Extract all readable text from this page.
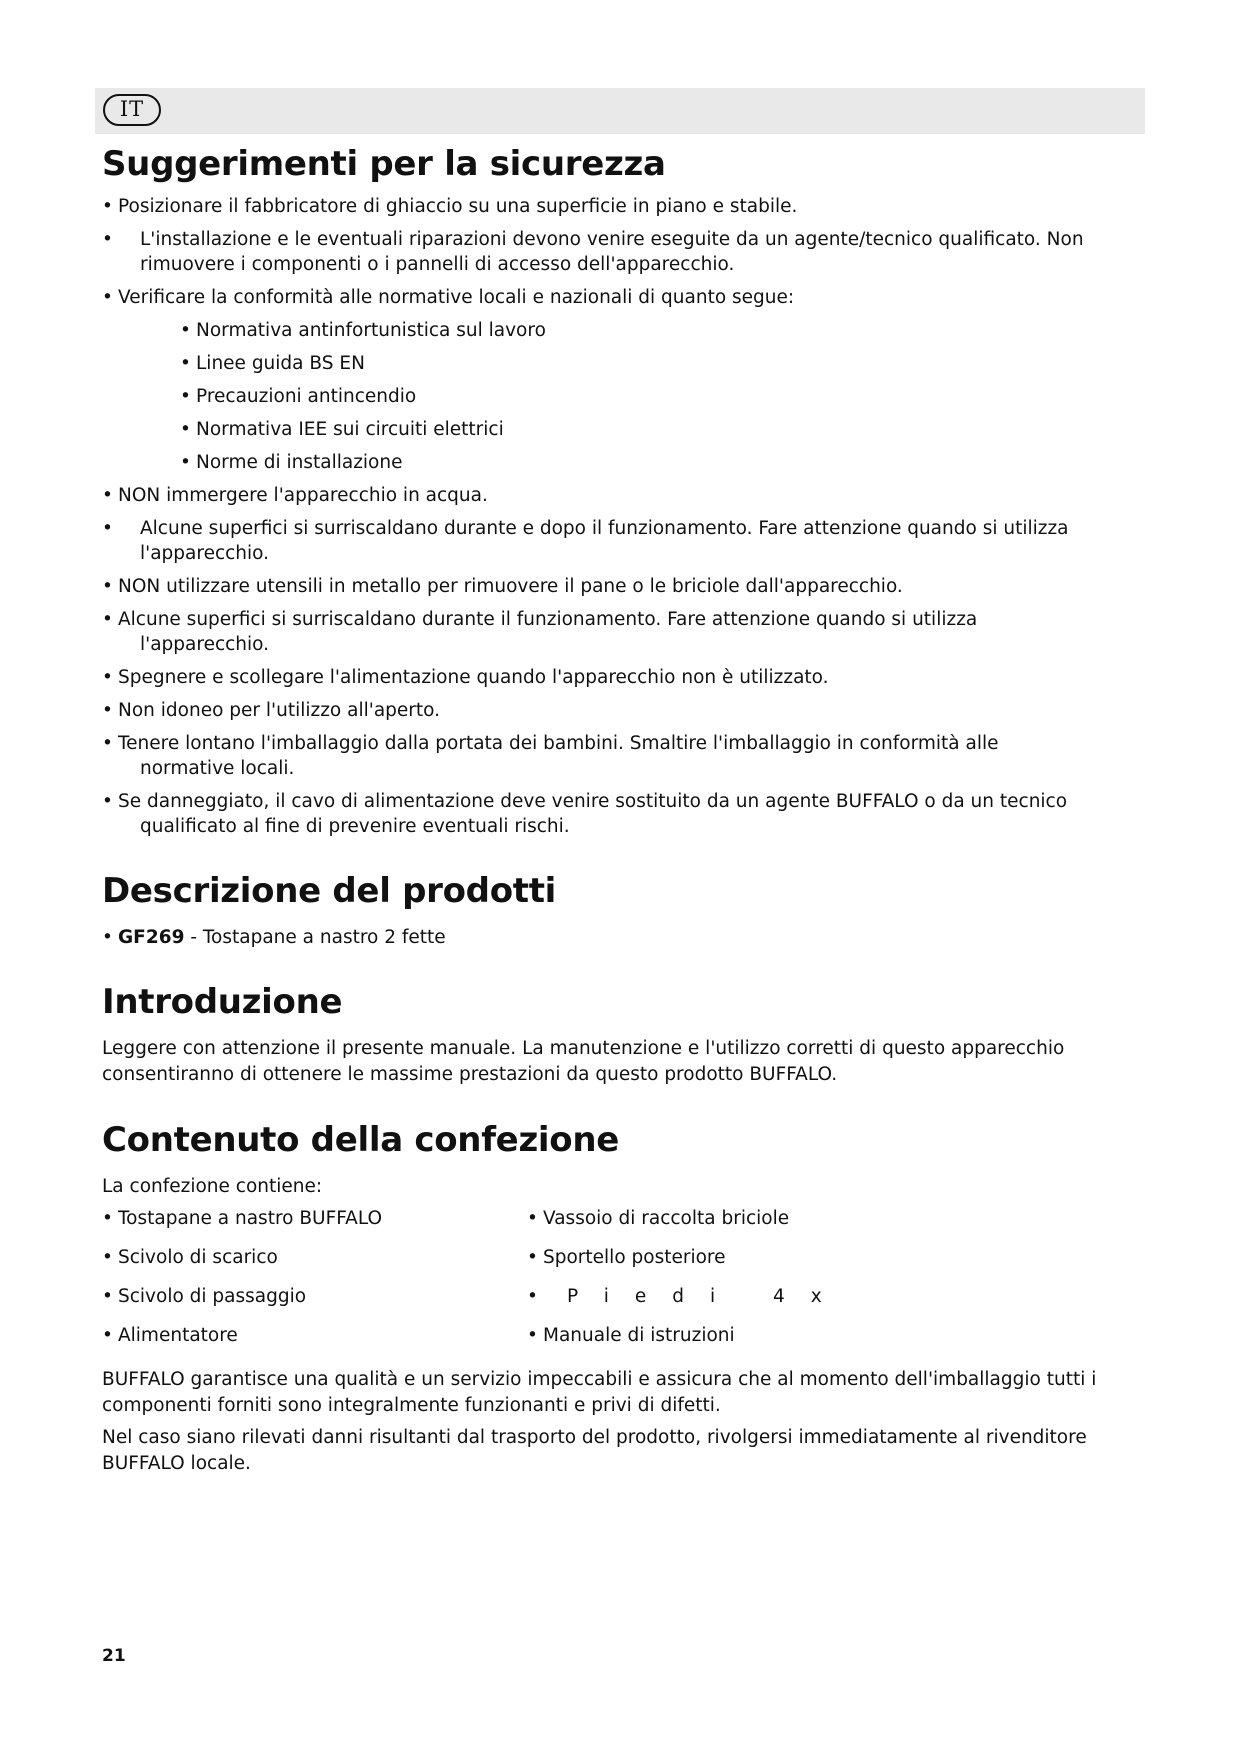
IT
Suggerimenti per la sicurezza
• Posizionare il fabbricatore di ghiaccio su una superficie in piano e stabile.
• L'installazione e le eventuali riparazioni devono venire eseguite da un agente/tecnico qualificato. Non rimuovere i componenti o i pannelli di accesso dell'apparecchio.
• Verificare la conformità alle normative locali e nazionali di quanto segue:
• Normativa antinfortunistica sul lavoro
• Linee guida BS EN
• Precauzioni antincendio
• Normativa IEE sui circuiti elettrici
• Norme di installazione
• NON immergere l'apparecchio in acqua.
• Alcune superfici si surriscaldano durante e dopo il funzionamento. Fare attenzione quando si utilizza l'apparecchio.
• NON utilizzare utensili in metallo per rimuovere il pane o le briciole dall'apparecchio.
• Alcune superfici si surriscaldano durante il funzionamento. Fare attenzione quando si utilizza
l'apparecchio.
• Spegnere e scollegare l'alimentazione quando l'apparecchio non è utilizzato.
• Non idoneo per l'utilizzo all'aperto.
• Tenere lontano l'imballaggio dalla portata dei bambini. Smaltire l'imballaggio in conformità alle
normative locali.
• Se danneggiato, il cavo di alimentazione deve venire sostituito da un agente BUFFALO o da un tecnico
qualificato al fine di prevenire eventuali rischi.
Descrizione del prodotti
• GF269 - Tostapane a nastro 2 fette
Introduzione

Leggere con attenzione il presente manuale. La manutenzione e l'utilizzo corretti di questo apparecchio consentiranno di ottenere le massime prestazioni da questo prodotto BUFFALO.

Contenuto della confezione

La confezione contiene:

• Tostapane a nastro BUFFALO	• Vassoio di raccolta briciole
• Scivolo di scarico	• Sportello posteriore
• Scivolo di passaggio	• Piedi 4x
• Alimentatore	• Manuale di istruzioni

BUFFALO garantisce una qualità e un servizio impeccabili e assicura che al momento dell'imballaggio tutti i componenti forniti sono integralmente funzionanti e privi di difetti.

Nel caso siano rilevati danni risultanti dal trasporto del prodotto, rivolgersi immediatamente al rivenditore BUFFALO locale.

21
